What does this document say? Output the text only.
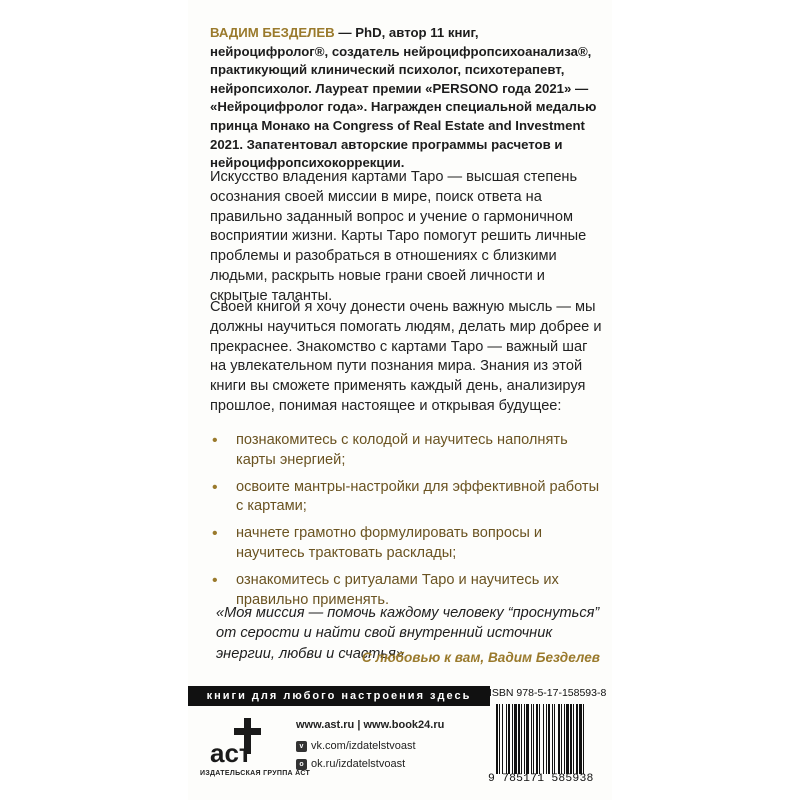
ВАДИМ БЕЗДЕЛЕВ — PhD, автор 11 книг, нейроцифролог®, создатель нейроцифропсихоанализа®, практикующий клинический психолог, психотерапевт, нейропсихолог. Лауреат премии «PERSONO года 2021» — «Нейроцифролог года». Награжден специальной медалью принца Монако на Congress of Real Estate and Investment 2021. Запатентовал авторские программы расчетов и нейроцифропсихокоррекции.

Искусство владения картами Таро — высшая степень осознания своей миссии в мире, поиск ответа на правильно заданный вопрос и учение о гармоничном восприятии жизни. Карты Таро помогут решить личные проблемы и разобраться в отношениях с близкими людьми, раскрыть новые грани своей личности и скрытые таланты.

Своей книгой я хочу донести очень важную мысль — мы должны научиться помогать людям, делать мир добрее и прекраснее. Знакомство с картами Таро — важный шаг на увлекательном пути познания мира. Знания из этой книги вы сможете применять каждый день, анализируя прошлое, понимая настоящее и открывая будущее:

• познакомитесь с колодой и научитесь наполнять карты энергией;
• освоите мантры-настройки для эффективной работы с картами;
• начнете грамотно формулировать вопросы и научитесь трактовать расклады;
• ознакомитесь с ритуалами Таро и научитесь их правильно применять.
«Моя миссия — помочь каждому человеку “проснуться” от серости и найти свой внутренний источник энергии, любви и счастья».
С любовью к вам, Вадим Безделев
книги для любого настроения здесь
аст
ИЗДАТЕЛЬСКАЯ ГРУППА АСТ
www.ast.ru | www.book24.ru
v vk.com/izdatelstvoast
o ok.ru/izdatelstvoast
ISBN 978-5-17-158593-8
9 785171 585938
